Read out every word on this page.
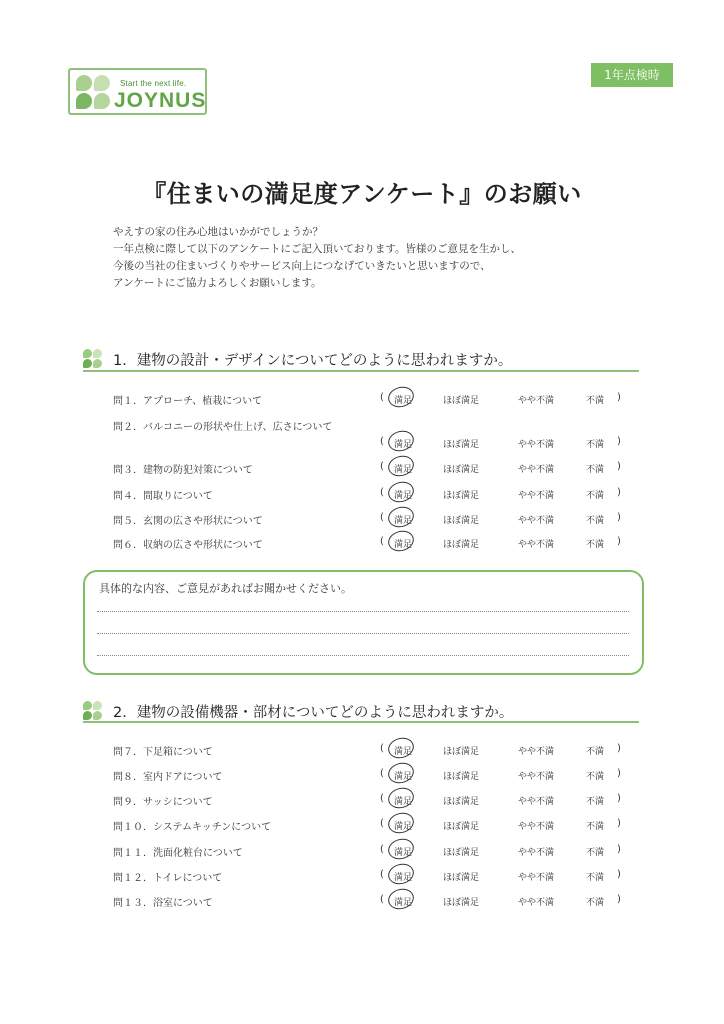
Start the next life.
JOYNUS
1年点検時
『住まいの満足度アンケート』のお願い
やえすの家の住み心地はいかがでしょうか？
一年点検に際して以下のアンケートにご記入頂いております。皆様のご意見を生かし、
今後の当社の住まいづくりやサービス向上につなげていきたいと思いますので、
アンケートにご協力よろしくお願いします。
1．建物の設計・デザインについてどのように思われますか。
問１．アプローチ、植栽について	( 満足	ほぼ満足	やや不満	不満 )
問２．バルコニーの形状や仕上げ、広さについて
( 満足	ほぼ満足	やや不満	不満 )
問３．建物の防犯対策について	( 満足	ほぼ満足	やや不満	不満 )
問４．間取りについて	( 満足	ほぼ満足	やや不満	不満 )
問５．玄関の広さや形状について	( 満足	ほぼ満足	やや不満	不満 )
問６．収納の広さや形状について	( 満足	ほぼ満足	やや不満	不満 )
具体的な内容、ご意見があればお聞かせください。
2．建物の設備機器・部材についてどのように思われますか。
問７．下足箱について	( 満足	ほぼ満足	やや不満	不満 )
問８．室内ドアについて	( 満足	ほぼ満足	やや不満	不満 )
問９．サッシについて	( 満足	ほぼ満足	やや不満	不満 )
問１０．システムキッチンについて	( 満足	ほぼ満足	やや不満	不満 )
問１１．洗面化粧台について	( 満足	ほぼ満足	やや不満	不満 )
問１２．トイレについて	( 満足	ほぼ満足	やや不満	不満 )
問１３．浴室について	( 満足	ほぼ満足	やや不満	不満 )
